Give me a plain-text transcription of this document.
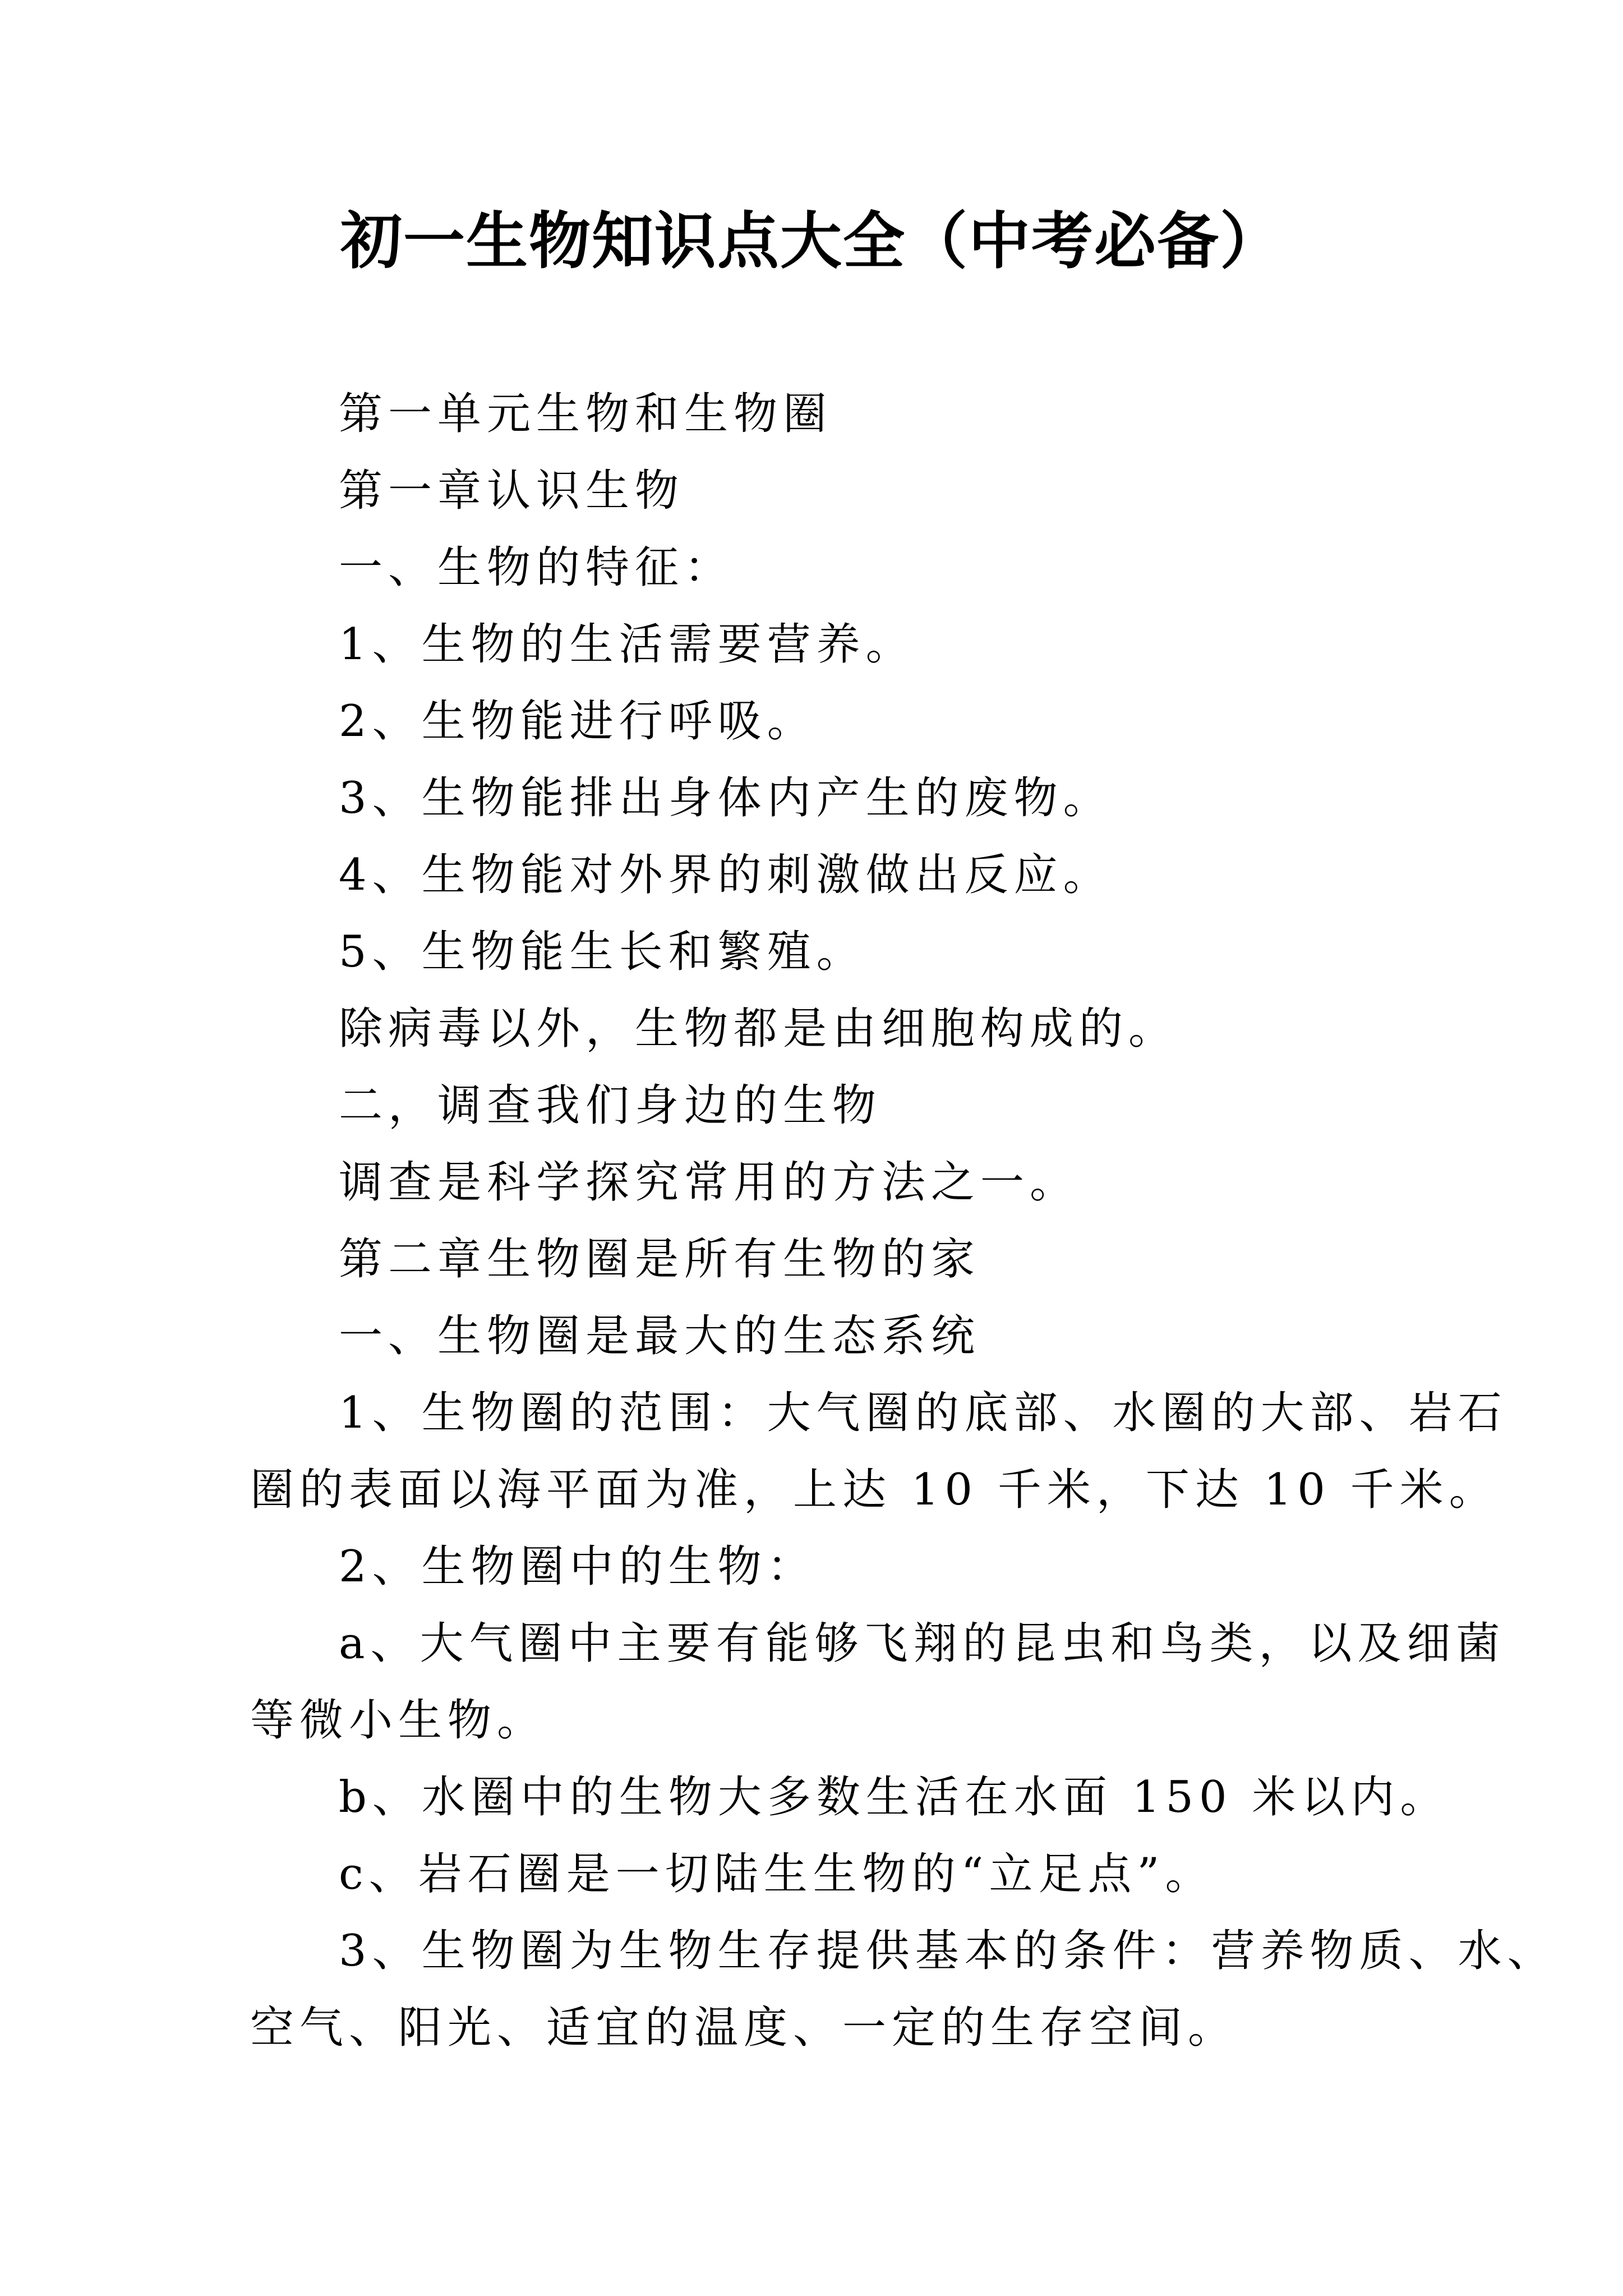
初一生物知识点大全（中考必备）

第一单元生物和生物圈

第一章认识生物

一、生物的特征：

1、生物的生活需要营养。

2、生物能进行呼吸。

3、生物能排出身体内产生的废物。

4、生物能对外界的刺激做出反应。

5、生物能生长和繁殖。

除病毒以外，生物都是由细胞构成的。

二，调查我们身边的生物

调查是科学探究常用的方法之一。

第二章生物圈是所有生物的家

一、生物圈是最大的生态系统

1、生物圈的范围：大气圈的底部、水圈的大部、岩石

圈的表面以海平面为准，上达 10 千米，下达 10 千米。

2、生物圈中的生物：

a、大气圈中主要有能够飞翔的昆虫和鸟类，以及细菌

等微小生物。

b、水圈中的生物大多数生活在水面 150 米以内。

c、岩石圈是一切陆生生物的“立足点”。

3、生物圈为生物生存提供基本的条件：营养物质、水、

空气、阳光、适宜的温度、一定的生存空间。
